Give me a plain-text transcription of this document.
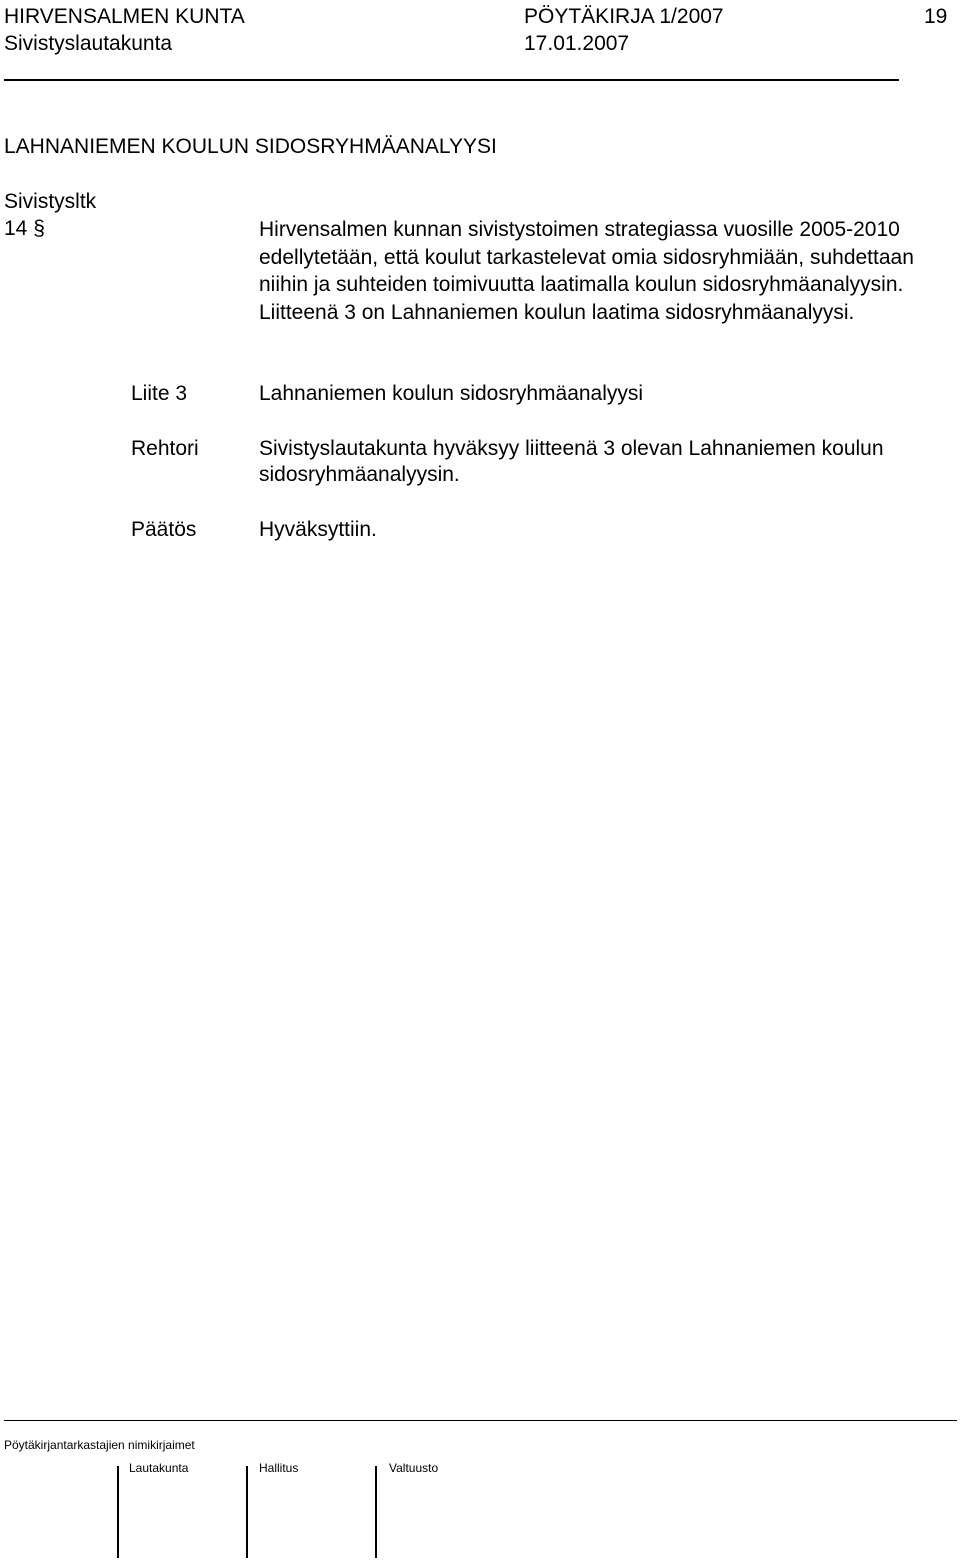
HIRVENSALMEN KUNTA	PÖYTÄKIRJA 1/2007	19
Sivistyslautakunta	17.01.2007
LAHNANIEMEN KOULUN SIDOSRYHMÄANALYYSI
Sivistysltk
14 §	Hirvensalmen kunnan sivistystoimen strategiassa vuosille 2005-2010 edellytetään, että koulut tarkastelevat omia sidosryhmiään, suhdettaan niihin ja suhteiden toimivuutta laatimalla koulun sidosryhmäanalyysin. Liitteenä 3 on Lahnaniemen koulun laatima sidosryhmäanalyysi.
Liite 3	Lahnaniemen koulun sidosryhmäanalyysi
Rehtori	Sivistyslautakunta hyväksyy liitteenä 3 olevan Lahnaniemen koulun sidosryhmäanalyysin.
Päätös	Hyväksyttiin.
Pöytäkirjantarkastajien nimikirjaimet
Lautakunta	Hallitus	Valtuusto
